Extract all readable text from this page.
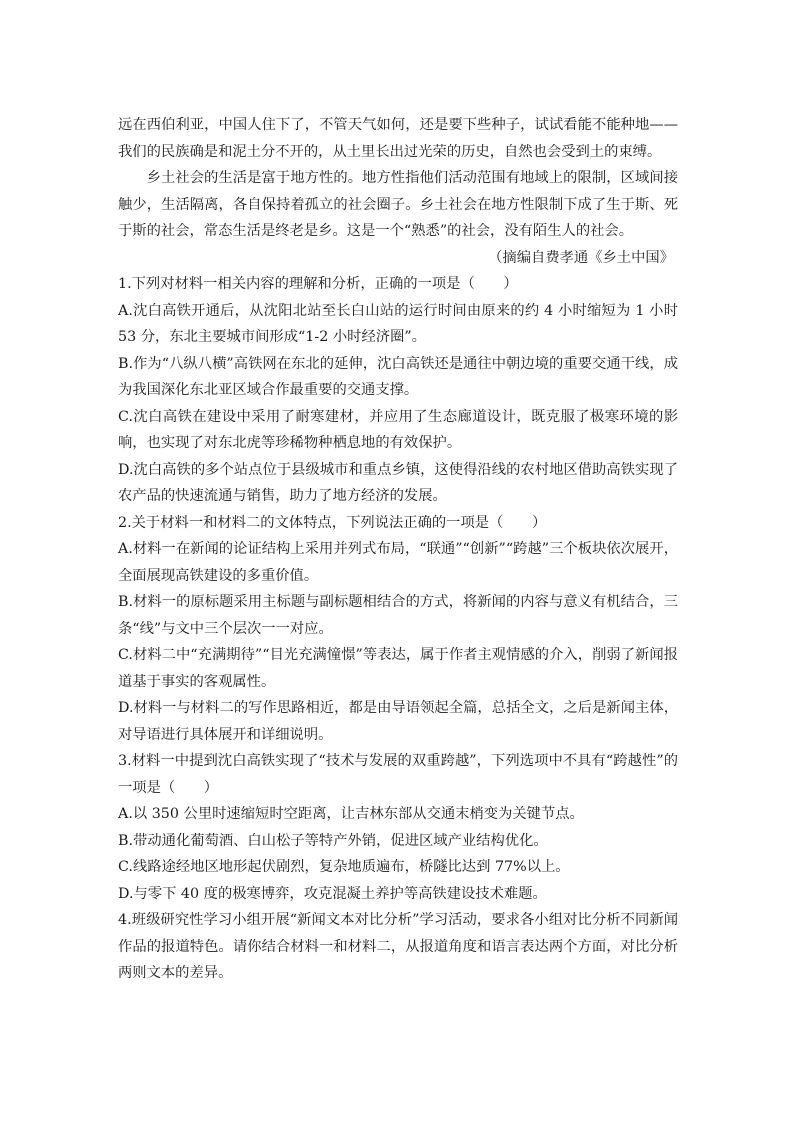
远在西伯利亚，中国人住下了，不管天气如何，还是要下些种子，试试看能不能种地——我们的民族确是和泥土分不开的，从土里长出过光荣的历史，自然也会受到土的束缚。

乡土社会的生活是富于地方性的。地方性指他们活动范围有地域上的限制，区域间接触少，生活隔离，各自保持着孤立的社会圈子。乡土社会在地方性限制下成了生于斯、死于斯的社会，常态生活是终老是乡。这是一个“熟悉”的社会，没有陌生人的社会。

（摘编自费孝通《乡土中国》

1.下列对材料一相关内容的理解和分析，正确的一项是（　　）

A.沈白高铁开通后，从沈阳北站至长白山站的运行时间由原来的约 4 小时缩短为 1 小时 53 分，东北主要城市间形成“1-2 小时经济圈”。

B.作为“八纵八横”高铁网在东北的延伸，沈白高铁还是通往中朝边境的重要交通干线，成为我国深化东北亚区域合作最重要的交通支撑。

C.沈白高铁在建设中采用了耐寒建材，并应用了生态廊道设计，既克服了极寒环境的影响，也实现了对东北虎等珍稀物种栖息地的有效保护。

D.沈白高铁的多个站点位于县级城市和重点乡镇，这使得沿线的农村地区借助高铁实现了农产品的快速流通与销售，助力了地方经济的发展。

2.关于材料一和材料二的文体特点，下列说法正确的一项是（　　）

A.材料一在新闻的论证结构上采用并列式布局，“联通”“创新”“跨越”三个板块依次展开，全面展现高铁建设的多重价值。

B.材料一的原标题采用主标题与副标题相结合的方式，将新闻的内容与意义有机结合，三条“线”与文中三个层次一一对应。

C.材料二中“充满期待”“目光充满憧憬”等表达，属于作者主观情感的介入，削弱了新闻报道基于事实的客观属性。

D.材料一与材料二的写作思路相近，都是由导语领起全篇，总括全文，之后是新闻主体，对导语进行具体展开和详细说明。

3.材料一中提到沈白高铁实现了“技术与发展的双重跨越”，下列选项中不具有“跨越性”的一项是（　　）

A.以 350 公里时速缩短时空距离，让吉林东部从交通末梢变为关键节点。

B.带动通化葡萄酒、白山松子等特产外销，促进区域产业结构优化。

C.线路途经地区地形起伏剧烈，复杂地质遍布，桥隧比达到 77%以上。

D.与零下 40 度的极寒博弈，攻克混凝土养护等高铁建设技术难题。

4.班级研究性学习小组开展“新闻文本对比分析”学习活动，要求各小组对比分析不同新闻作品的报道特色。请你结合材料一和材料二，从报道角度和语言表达两个方面，对比分析两则文本的差异。
